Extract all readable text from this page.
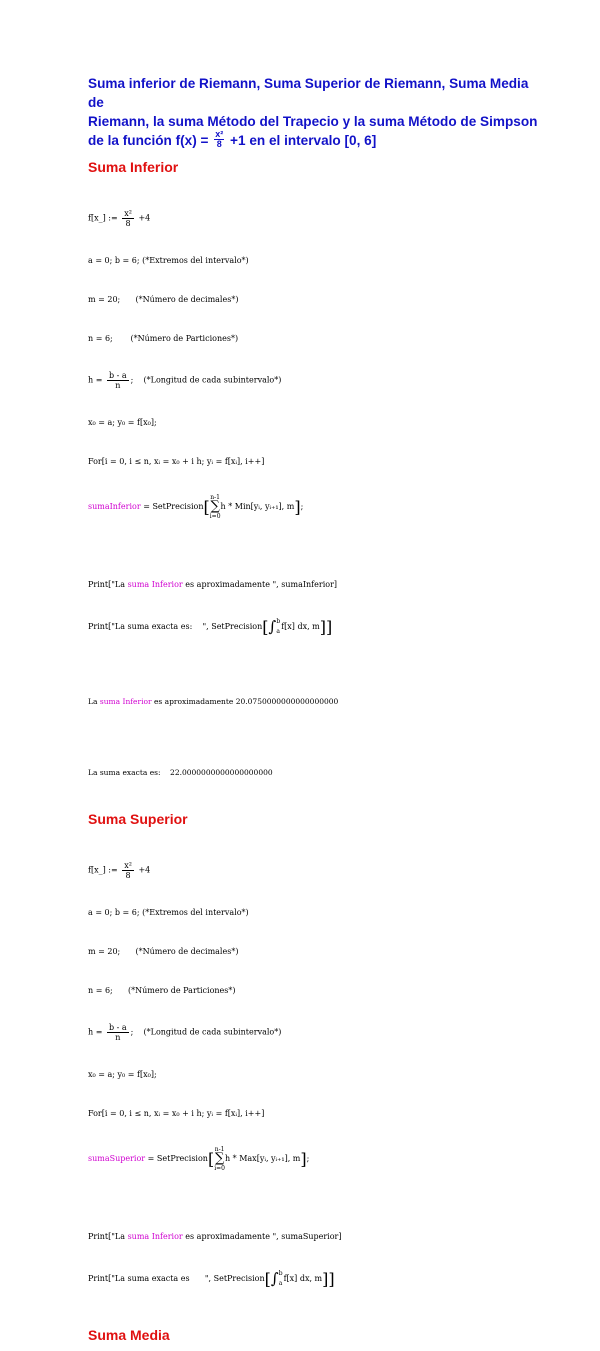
Suma inferior de Riemann, Suma Superior de Riemann, Suma Media de
Riemann, la suma Método del Trapecio y la suma Método de Simpson
de la función $f(x) = \frac{\text{x²}}{8} +1$ en el intervalo [0, 6]
Suma Inferior

f[x_] := $\frac{\text{x²}}{8} +4$

a = 0; b = 6; (*Extremos del intervalo*)

m = 20;      (*Número de decimales*)

n = 6;       (*Número de Particiones*)

$h = \frac{b - a}{n}$ ;    (*Longitud de cada subintervalo*)

x₀ = a; y₀ = f[x₀];

For[i = 0, i ≤ n, xᵢ = x₀ + i h; yᵢ = f[xᵢ], i++]

sumaInferior = SetPrecision[n-1
∑
i=0h * Min[yᵢ, yᵢ₊₁], m];

Print["La suma Inferior es aproximadamente ", sumaInferior]

Print["La suma exacta es:    ", SetPrecision[∫ b
a
f[x] dx, m]]

La suma Inferior es aproximadamente 20.0750000000000000000

La suma exacta es:    22.0000000000000000000

Suma Superior

f[x_] := $\frac{\text{x²}}{8} +4$

a = 0; b = 6; (*Extremos del intervalo*)

m = 20;      (*Número de decimales*)

n = 6;      (*Número de Particiones*)

$h = \frac{b - a}{n}$ ;    (*Longitud de cada subintervalo*)

x₀ = a; y₀ = f[x₀];

For[i = 0, i ≤ n, xᵢ = x₀ + i h; yᵢ = f[xᵢ], i++]

sumaSuperior = SetPrecision[n-1
∑
i=0h * Max[yᵢ, yᵢ₊₁], m];

Print["La suma Inferior es aproximadamente ", sumaSuperior]

Print["La suma exacta es      ", SetPrecision[∫ b
a
f[x] dx, m]]

Suma Media
